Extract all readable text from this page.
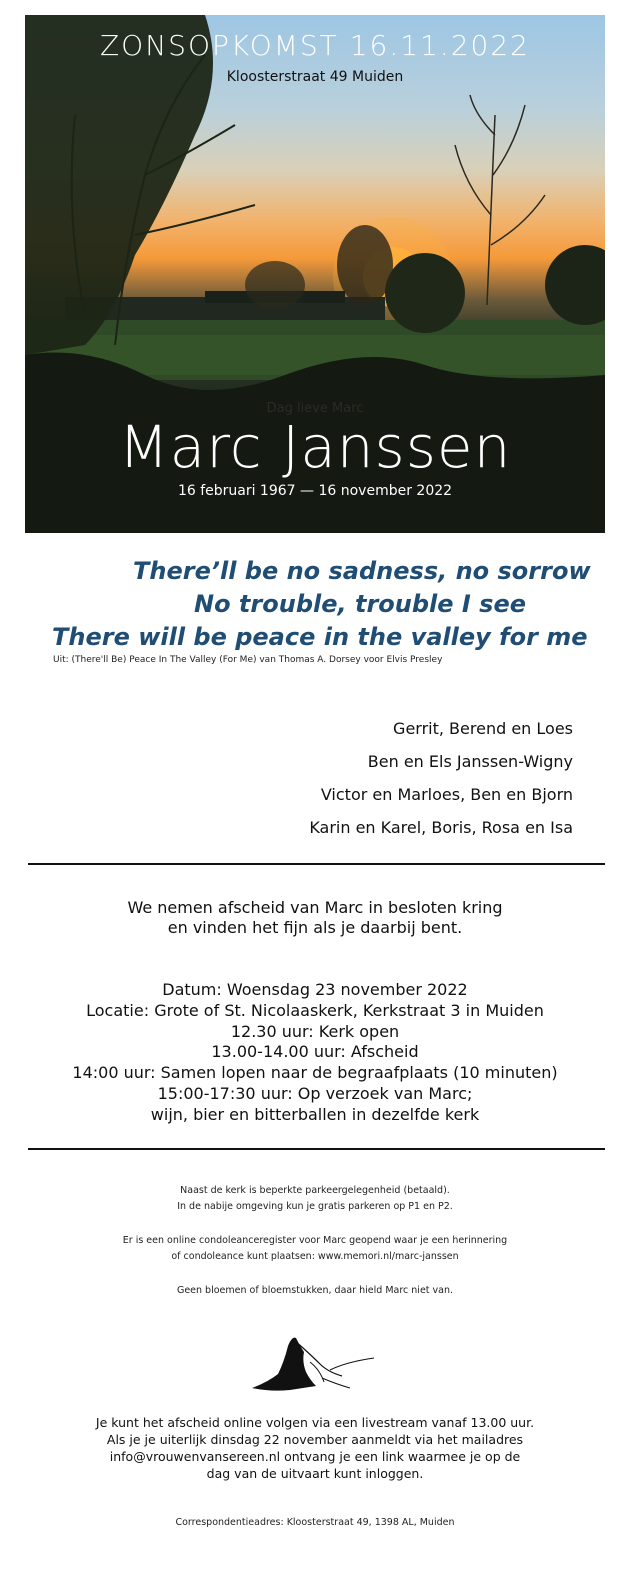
ZONSOPKOMST 16.11.2022
Kloosterstraat 49 Muiden
Dag lieve Marc
Marc Janssen
16 februari 1967 — 16 november 2022
There’ll be no sadness, no sorrow
No trouble, trouble I see
There will be peace in the valley for me
Uit: (There'll Be) Peace In The Valley (For Me) van Thomas A. Dorsey voor Elvis Presley
Gerrit, Berend en Loes
Ben en Els Janssen-Wigny
Victor en Marloes, Ben en Bjorn
Karin en Karel, Boris, Rosa en Isa
We nemen afscheid van Marc in besloten kring
en vinden het fijn als je daarbij bent.
Datum: Woensdag 23 november 2022
Locatie: Grote of St. Nicolaaskerk, Kerkstraat 3 in Muiden
12.30 uur: Kerk open
13.00-14.00 uur: Afscheid
14:00 uur: Samen lopen naar de begraafplaats (10 minuten)
15:00-17:30 uur: Op verzoek van Marc;
wijn, bier en bitterballen in dezelfde kerk
Naast de kerk is beperkte parkeergelegenheid (betaald).
In de nabije omgeving kun je gratis parkeren op P1 en P2.
Er is een online condoleanceregister voor Marc geopend waar je een herinnering
of condoleance kunt plaatsen: www.memori.nl/marc-janssen
Geen bloemen of bloemstukken, daar hield Marc niet van.
Je kunt het afscheid online volgen via een livestream vanaf 13.00 uur.
Als je je uiterlijk dinsdag 22 november aanmeldt via het mailadres
info@vrouwenvansereen.nl ontvang je een link waarmee je op de
dag van de uitvaart kunt inloggen.
Correspondentieadres: Kloosterstraat 49, 1398 AL, Muiden
